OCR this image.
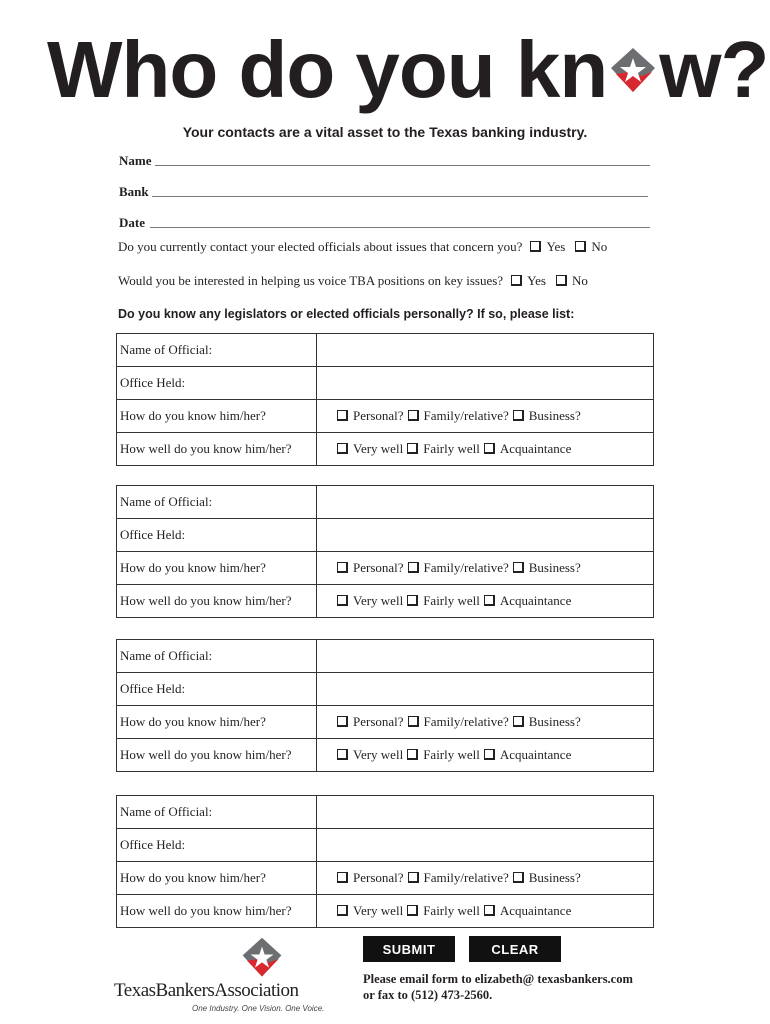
Who do you kn w?
Your contacts are a vital asset to the Texas banking industry.
Name
Bank
Date
Do you currently contact your elected officials about issues that concern you? Yes No
Would you be interested in helping us voice TBA positions on key issues? Yes No
Do you know any legislators or elected officials personally? If so, please list:
Name of Official:	
Office Held:	
How do you know him/her?	Personal? Family/relative? Business?
How well do you know him/her?	Very well Fairly well Acquaintance
Name of Official:	
Office Held:	
How do you know him/her?	Personal? Family/relative? Business?
How well do you know him/her?	Very well Fairly well Acquaintance
Name of Official:	
Office Held:	
How do you know him/her?	Personal? Family/relative? Business?
How well do you know him/her?	Very well Fairly well Acquaintance
Name of Official:	
Office Held:	
How do you know him/her?	Personal? Family/relative? Business?
How well do you know him/her?	Very well Fairly well Acquaintance
SUBMIT	CLEAR
Please email form to elizabeth@ texasbankers.com
or fax to (512) 473-2560.
TexasBankersAssociation
One Industry. One Vision. One Voice.
